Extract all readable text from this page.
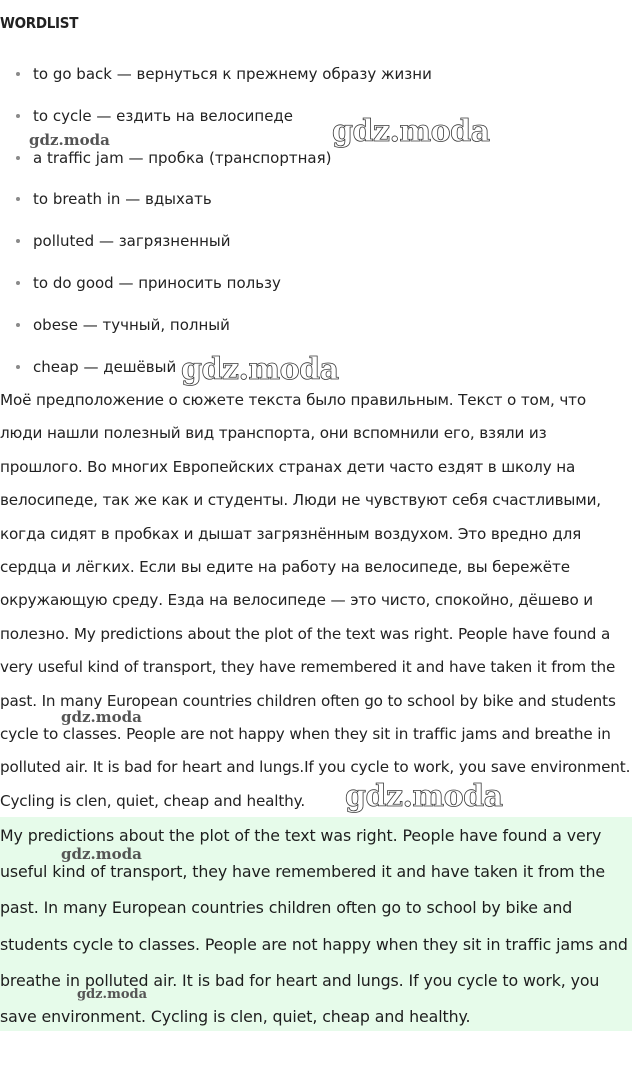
WORDLIST
to go back — вернуться к прежнему образу жизни
to cycle — ездить на велосипеде
a traffic jam — пробка (транспортная)
to breath in — вдыхать
polluted — загрязненный
to do good — приносить пользу
obese — тучный, полный
cheap — дешёвый

Моё предположение о сюжете текста было правильным. Текст о том, что люди нашли полезный вид транспорта, они вспомнили его, взяли из прошлого. Во многих Европейских странах дети часто ездят в школу на велосипеде, так же как и студенты. Люди не чувствуют себя счастливыми, когда сидят в пробках и дышат загрязнённым воздухом. Это вредно для сердца и лёгких. Если вы едите на работу на велосипеде, вы бережёте окружающую среду. Езда на велосипеде — это чисто, спокойно, дёшево и полезно. My predictions about the plot of the text was right. People have found a very useful kind of transport, they have remembered it and have taken it from the past. In many European countries children often go to school by bike and students cycle to classes. People are not happy when they sit in traffic jams and breathe in polluted air. It is bad for heart and lungs.If you cycle to work, you save environment. Cycling is clen, quiet, cheap and healthy.

My predictions about the plot of the text was right. People have found a very useful kind of transport, they have remembered it and have taken it from the past. In many European countries children often go to school by bike and students cycle to classes. People are not happy when they sit in traffic jams and breathe in polluted air. It is bad for heart and lungs. If you cycle to work, you save environment. Cycling is clen, quiet, cheap and healthy.

gdz.moda	gdz.moda
gdz.moda
gdz.moda
gdz.moda
gdz.moda
gdz.moda
